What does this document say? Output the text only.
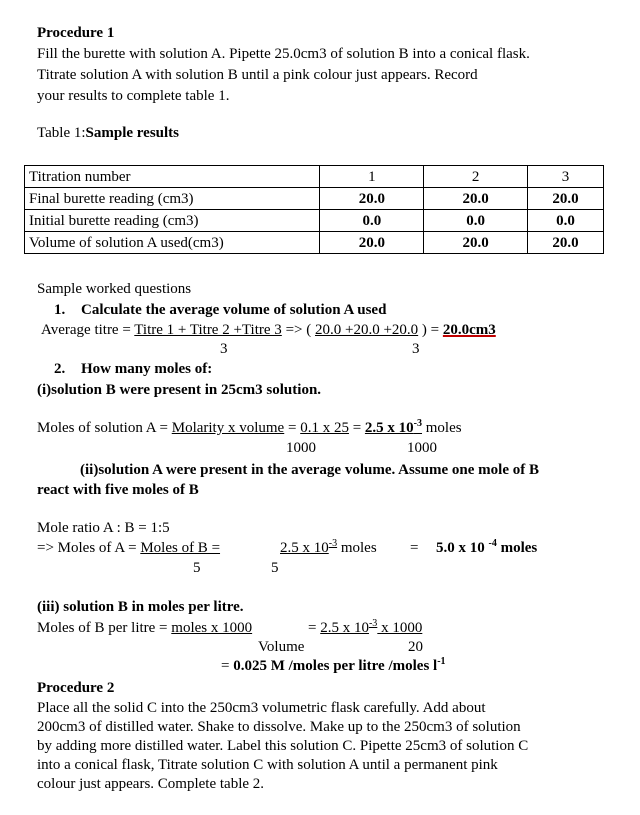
Procedure 1
Fill the burette with solution A. Pipette 25.0cm3 of solution B into a conical flask.
Titrate solution A with solution B until a pink colour just appears. Record
your results to complete table 1.
Table 1:Sample results
Titration number	1	2	3
Final burette reading (cm3)	20.0	20.0	20.0
Initial burette reading (cm3)	0.0	0.0	0.0
Volume of solution A used(cm3)	20.0	20.0	20.0
Sample worked questions
1. Calculate the average volume of solution A used
Average titre = Titre 1 + Titre 2 +Titre 3 => ( 20.0 +20.0 +20.0 ) = 20.0cm3
3	3
2. How many moles of:
(i)solution B were present in 25cm3 solution.
Moles of solution A = Molarity x volume = 0.1 x 25 = 2.5 x $10^{-3}$ moles
1000	1000
(ii)solution A were present in the average volume. Assume one mole of B
react with five moles of B
Mole ratio A : B = 1:5
=> Moles of A = Moles of B =	2.5 x $10^{-3}$ moles = 5.0 x 10 $^{-4}$ moles
5	5
(iii) solution B in moles per litre.
Moles of B per litre = moles x 1000	= 2.5 x $10^{-3}$ x 1000
Volume	20
= 0.025 M /moles per litre /moles $l^{-1}$
Procedure 2
Place all the solid C into the 250cm3 volumetric flask carefully. Add about
200cm3 of distilled water. Shake to dissolve. Make up to the 250cm3 of solution
by adding more distilled water. Label this solution C. Pipette 25cm3 of solution C
into a conical flask, Titrate solution C with solution A until a permanent pink
colour just appears. Complete table 2.
